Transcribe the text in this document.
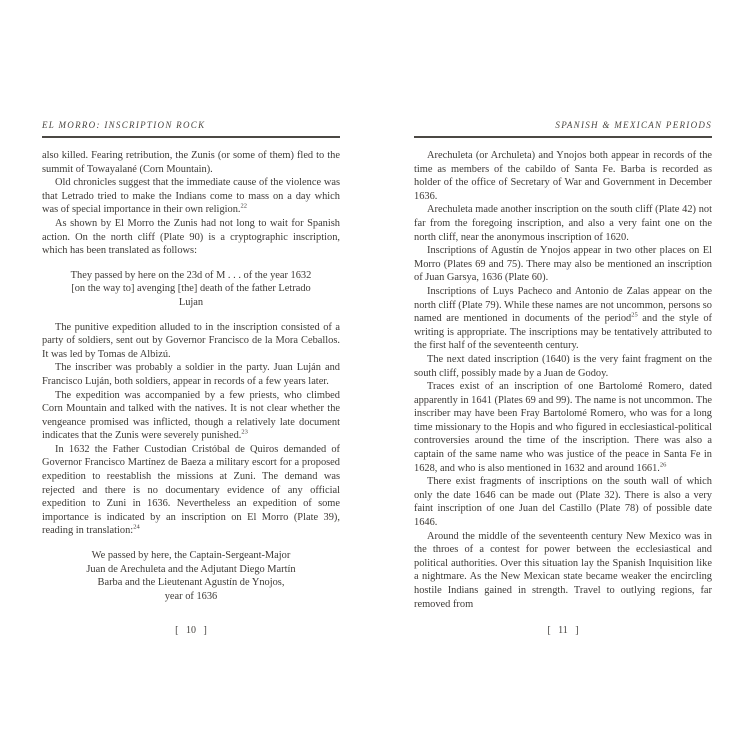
EL MORRO: INSCRIPTION ROCK

also killed. Fearing retribution, the Zunis (or some of them) fled to the summit of Towayalané (Corn Mountain).

Old chronicles suggest that the immediate cause of the violence was that Letrado tried to make the Indians come to mass on a day which was of special importance in their own religion.$^{22}$

As shown by El Morro the Zunis had not long to wait for Spanish action. On the north cliff (Plate 90) is a cryptographic inscription, which has been translated as follows:

They passed by here on the 23d of M . . . of the year 1632
[on the way to] avenging [the] death of the father Letrado
Lujan

The punitive expedition alluded to in the inscription consisted of a party of soldiers, sent out by Governor Francisco de la Mora Ceballos. It was led by Tomas de Albizú.

The inscriber was probably a soldier in the party. Juan Luján and Francisco Luján, both soldiers, appear in records of a few years later.

The expedition was accompanied by a few priests, who climbed Corn Mountain and talked with the natives. It is not clear whether the vengeance promised was inflicted, though a relatively late document indicates that the Zunis were severely punished.$^{23}$

In 1632 the Father Custodian Cristóbal de Quiros demanded of Governor Francisco Martínez de Baeza a military escort for a proposed expedition to reestablish the missions at Zuni. The demand was rejected and there is no documentary evidence of any official expedition to Zuni in 1636. Nevertheless an expedition of some importance is indicated by an inscription on El Morro (Plate 39), reading in translation:$^{24}$

We passed by here, the Captain-Sergeant-Major
Juan de Arechuleta and the Adjutant Diego Martín
Barba and the Lieutenant Agustín de Ynojos,
year of 1636
[   10   ]
SPANISH & MEXICAN PERIODS

Arechuleta (or Archuleta) and Ynojos both appear in records of the time as members of the cabildo of Santa Fe. Barba is recorded as holder of the office of Secretary of War and Government in December 1636.

Arechuleta made another inscription on the south cliff (Plate 42) not far from the foregoing inscription, and also a very faint one on the north cliff, near the anonymous inscription of 1620.

Inscriptions of Agustín de Ynojos appear in two other places on El Morro (Plates 69 and 75). There may also be mentioned an inscription of Juan Garsya, 1636 (Plate 60).

Inscriptions of Luys Pacheco and Antonio de Zalas appear on the north cliff (Plate 79). While these names are not uncommon, persons so named are mentioned in documents of the period$^{25}$ and the style of writing is appropriate. The inscriptions may be tentatively attributed to the first half of the seventeenth century.

The next dated inscription (1640) is the very faint fragment on the south cliff, possibly made by a Juan de Godoy.

Traces exist of an inscription of one Bartolomé Romero, dated apparently in 1641 (Plates 69 and 99). The name is not uncommon. The inscriber may have been Fray Bartolomé Romero, who was for a long time missionary to the Hopis and who figured in ecclesiastical-political controversies around the time of the inscription. There was also a captain of the same name who was justice of the peace in Santa Fe in 1628, and who is also mentioned in 1632 and around 1661.26

There exist fragments of inscriptions on the south wall of which only the date 1646 can be made out (Plate 32). There is also a very faint inscription of one Juan del Castillo (Plate 78) of possible date 1646.

Around the middle of the seventeenth century New Mexico was in the throes of a contest for power between the ecclesiastical and political authorities. Over this situation lay the Spanish Inquisition like a nightmare. As the New Mexican state became weaker the encircling hostile Indians gained in strength. Travel to outlying regions, far removed from

[   11   ]
